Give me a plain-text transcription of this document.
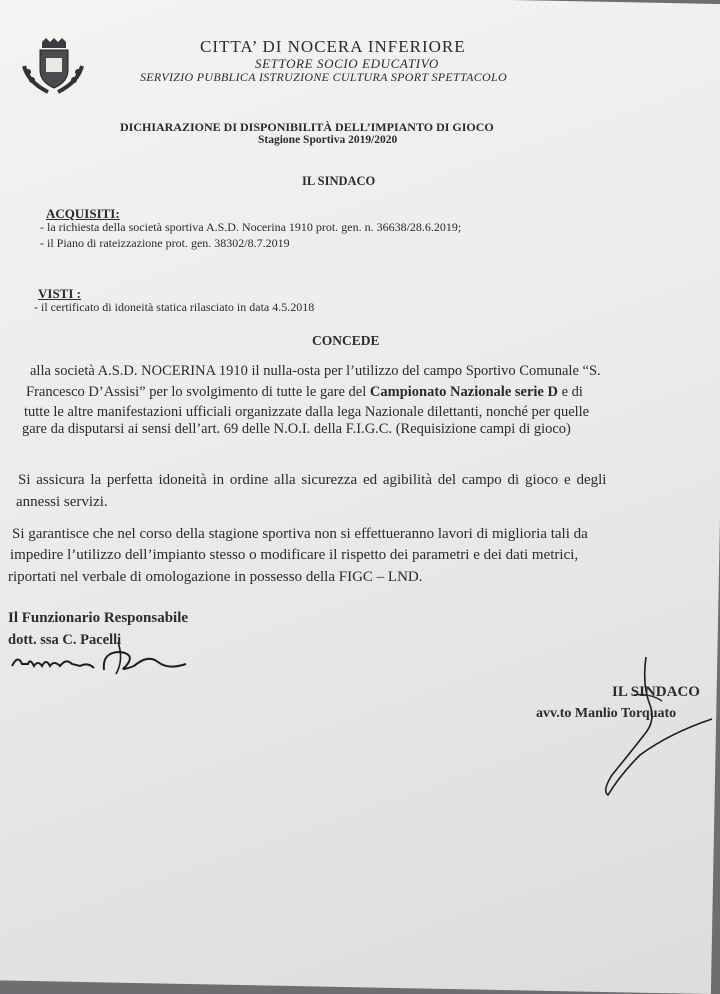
CITTA’ DI NOCERA INFERIORE
SETTORE SOCIO EDUCATIVO
SERVIZIO PUBBLICA ISTRUZIONE CULTURA SPORT SPETTACOLO
DICHIARAZIONE DI DISPONIBILITÀ DELL’IMPIANTO DI GIOCO
Stagione Sportiva 2019/2020
IL SINDACO
ACQUISITI:
- la richiesta della società sportiva A.S.D. Nocerina 1910 prot. gen. n. 36638/28.6.2019;
- il Piano di rateizzazione prot. gen. 38302/8.7.2019
VISTI :
- il certificato di idoneità statica rilasciato in data 4.5.2018
CONCEDE
alla società A.S.D. NOCERINA 1910 il nulla-osta per l’utilizzo del campo Sportivo Comunale “S.
Francesco D’Assisi” per lo svolgimento di tutte le gare del Campionato Nazionale serie D e di
tutte le altre manifestazioni ufficiali organizzate dalla lega Nazionale dilettanti, nonché per quelle
gare da disputarsi ai sensi dell’art. 69 delle N.O.I. della F.I.G.C. (Requisizione campi di gioco)
Si assicura la perfetta idoneità in ordine alla sicurezza ed agibilità del campo di gioco e degli
annessi servizi.
Si garantisce che nel corso della stagione sportiva non si effettueranno lavori di miglioria tali da
impedire l’utilizzo dell’impianto stesso o modificare il rispetto dei parametri e dei dati metrici,
riportati nel verbale di omologazione in possesso della FIGC – LND.
Il Funzionario Responsabile
dott. ssa C. Pacelli
IL SINDACO
avv.to Manlio Torquato
